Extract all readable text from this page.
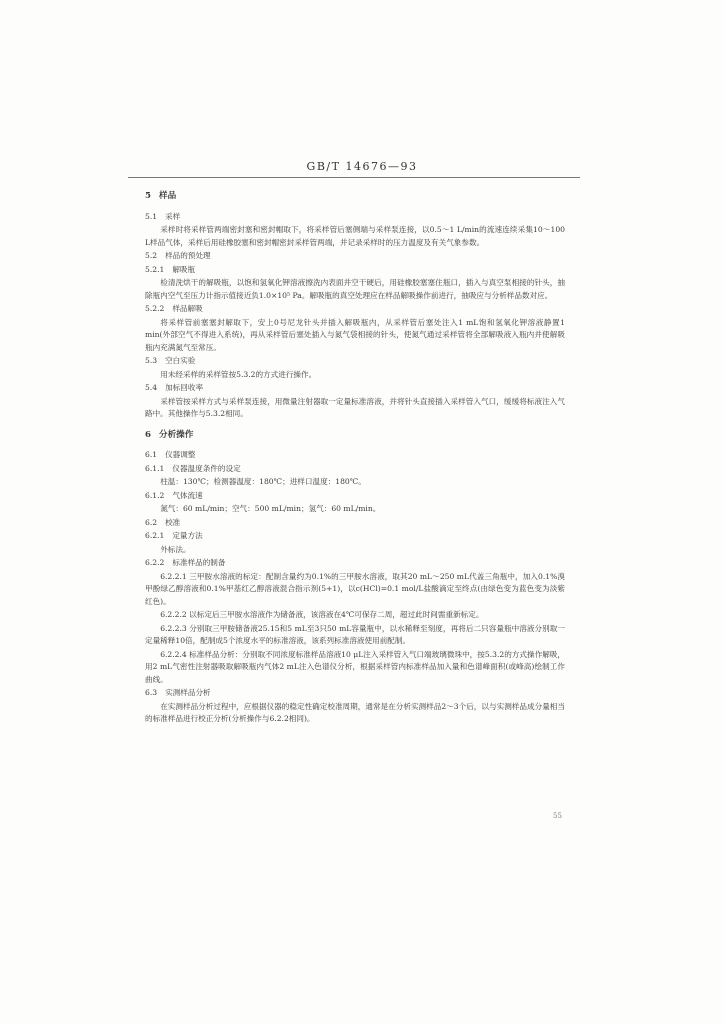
GB/T 14676—93
5 样品
5.1 采样
采样时将采样管两端密封塞和密封帽取下，将采样管后塞侧端与采样泵连接，以0.5～1 L/min的流速连续采集10～100 L样品气体，采样后用硅橡胶塞和密封帽密封采样管两端，并记录采样时的压力温度及有关气象参数。
5.2 样品的预处理
5.2.1 解吸瓶
检清洗烘干的解吸瓶，以饱和氢氧化钾溶液擦洗内表面并空干硬后，用硅橡胶塞塞住瓶口，插入与真空泵相接的针头，抽除瓶内空气至压力计指示值接近负1.0×10⁵ Pa。解吸瓶的真空处理应在样品解吸操作前进行，抽吸应与分析样品数对应。
5.2.2 样品解吸
将采样管前塞塞封解取下，安上0号尼龙针头并插入解吸瓶内，从采样管后塞处注入1 mL饱和氢氧化钾溶液静置1 min(外部空气不得进入系统)，再从采样管后塞处插入与氮气袋相接的针头，使氮气通过采样管将全部解吸液入瓶内并使解吸瓶内充满氮气至常压。
5.3 空白实验
用未经采样的采样管按5.3.2的方式进行操作。
5.4 加标回收率
采样管按采样方式与采样泵连接，用微量注射器取一定量标准溶液，并将针头直接插入采样管入气口，缓缓将标液注入气路中。其他操作与5.3.2相同。
6 分析操作
6.1 仪器调整
6.1.1 仪器温度条件的设定
柱温：130℃；检测器温度：180℃；进样口温度：180℃。
6.1.2 气体流速
氮气：60 mL/min；空气：500 mL/min；氢气：60 mL/min。
6.2 校准
6.2.1 定量方法
外标法。
6.2.2 标准样品的制备
6.2.2.1 三甲胺水溶液的标定：配制含量约为0.1%的三甲胺水溶液，取其20 mL～250 mL代盖三角瓶中，加入0.1%溴甲酚绿乙醇溶液和0.1%甲基红乙醇溶液混合指示剂(5+1)，以c(HCl)=0.1 mol/L盐酸滴定至终点(由绿色变为蓝色变为淡紫红色)。
6.2.2.2 以标定后三甲胺水溶液作为储备液，该溶液在4℃可保存二周，超过此时间需重新标定。
6.2.2.3 分别取三甲胺储备液25.15和5 mL至3只50 mL容量瓶中，以水稀释至刻度，再将后二只容量瓶中溶液分别取一定量稀释10倍，配制成5个浓度水平的标准溶液，该系列标准溶液使用前配制。
6.2.2.4 标准样品分析：分别取不同浓度标准样品溶液10 μL注入采样管入气口端玻璃微珠中，按5.3.2的方式操作解吸，用2 mL气密性注射器吸取解吸瓶内气体2 mL注入色谱仪分析，根据采样管内标准样品加入量和色谱峰面积(或峰高)绘制工作曲线。
6.3 实测样品分析
在实测样品分析过程中，应根据仪器的稳定性确定校准周期，通常是在分析实测样品2～3个后，以与实测样品成分量相当的标准样品进行校正分析(分析操作与6.2.2相同)。
55
